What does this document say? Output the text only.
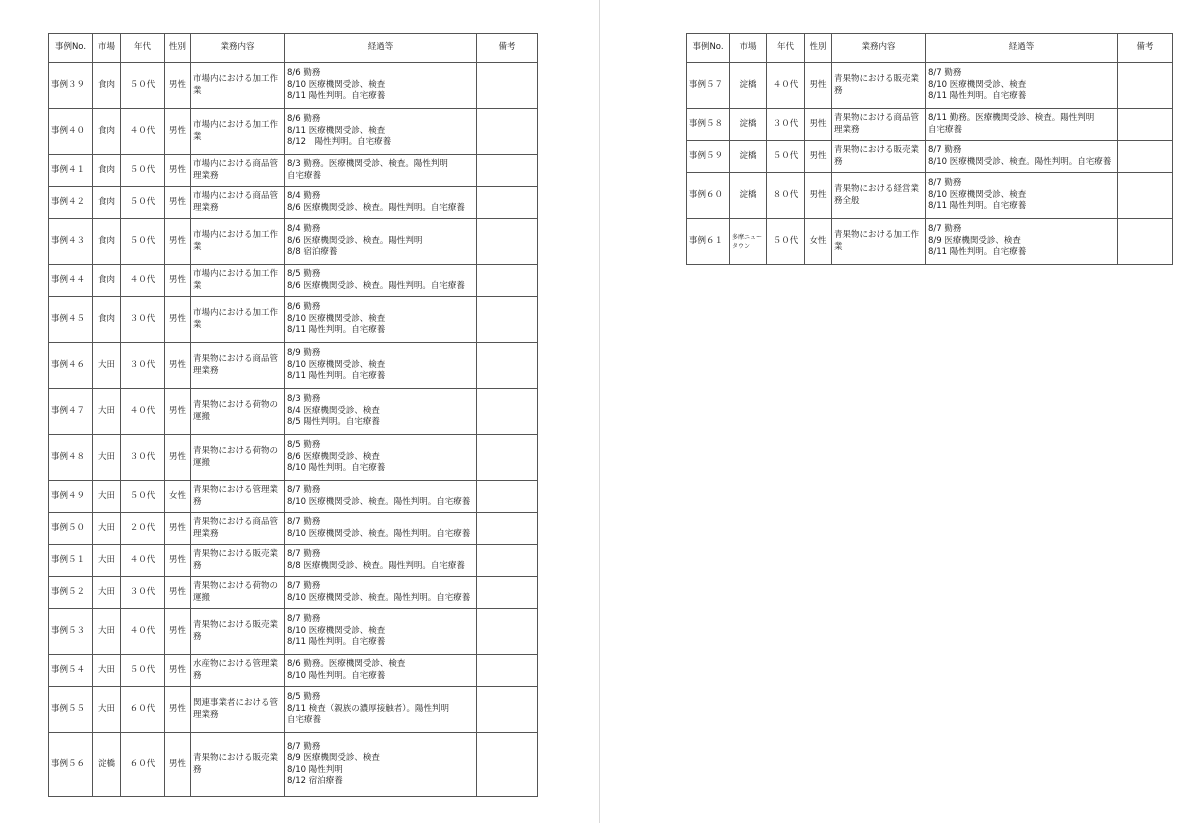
事例No.	市場	年代	性別	業務内容	経過等	備考
事例３９	食肉	５０代	男性	市場内における加工作業	8/6 勤務
8/10 医療機関受診、検査
8/11 陽性判明。自宅療養	

事例４０	食肉	４０代	男性	市場内における加工作業	8/6 勤務
8/11 医療機関受診、検査
8/12　陽性判明。自宅療養	

事例４１	食肉	５０代	男性	市場内における商品管理業務	8/3 勤務。医療機関受診、検査。陽性判明
自宅療養	

事例４２	食肉	５０代	男性	市場内における商品管理業務	8/4 勤務
8/6 医療機関受診、検査。陽性判明。自宅療養	

事例４３	食肉	５０代	男性	市場内における加工作業	8/4 勤務
8/6 医療機関受診、検査。陽性判明
8/8 宿泊療養	

事例４４	食肉	４０代	男性	市場内における加工作業	8/5 勤務
8/6 医療機関受診、検査。陽性判明。自宅療養	

事例４５	食肉	３０代	男性	市場内における加工作業	8/6 勤務
8/10 医療機関受診、検査
8/11 陽性判明。自宅療養	

事例４６	大田	３０代	男性	青果物における商品管理業務	8/9 勤務
8/10 医療機関受診、検査
8/11 陽性判明。自宅療養	

事例４７	大田	４０代	男性	青果物における荷物の運搬	8/3 勤務
8/4 医療機関受診、検査
8/5 陽性判明。自宅療養	

事例４８	大田	３０代	男性	青果物における荷物の運搬	8/5 勤務
8/6 医療機関受診、検査
8/10 陽性判明。自宅療養	

事例４９	大田	５０代	女性	青果物における管理業務	8/7 勤務
8/10 医療機関受診、検査。陽性判明。自宅療養	

事例５０	大田	２０代	男性	青果物における商品管理業務	8/7 勤務
8/10 医療機関受診、検査。陽性判明。自宅療養	

事例５１	大田	４０代	男性	青果物における販売業務	8/7 勤務
8/8 医療機関受診、検査。陽性判明。自宅療養	

事例５２	大田	３０代	男性	青果物における荷物の運搬	8/7 勤務
8/10 医療機関受診、検査。陽性判明。自宅療養	

事例５３	大田	４０代	男性	青果物における販売業務	8/7 勤務
8/10 医療機関受診、検査
8/11 陽性判明。自宅療養	

事例５４	大田	５０代	男性	水産物における管理業務	8/6 勤務。医療機関受診、検査
8/10 陽性判明。自宅療養	

事例５５	大田	６０代	男性	関連事業者における管理業務	8/5 勤務
8/11 検査（親族の濃厚接触者）。陽性判明
自宅療養	

事例５６	淀橋	６０代	男性	青果物における販売業務	8/7 勤務
8/9 医療機関受診、検査
8/10 陽性判明
8/12 宿泊療養	

事例No.	市場	年代	性別	業務内容	経過等	備考
事例５７	淀橋	４０代	男性	青果物における販売業務	8/7 勤務
8/10 医療機関受診、検査
8/11 陽性判明。自宅療養	

事例５８	淀橋	３０代	男性	青果物における商品管理業務	8/11 勤務。医療機関受診、検査。陽性判明
自宅療養	

事例５９	淀橋	５０代	男性	青果物における販売業務	8/7 勤務
8/10 医療機関受診、検査。陽性判明。自宅療養	

事例６０	淀橋	８０代	男性	青果物における経営業務全般	8/7 勤務
8/10 医療機関受診、検査
8/11 陽性判明。自宅療養	

事例６１	多摩ニュータウン	５０代	女性	青果物における加工作業	8/7 勤務
8/9 医療機関受診、検査
8/11 陽性判明。自宅療養	
